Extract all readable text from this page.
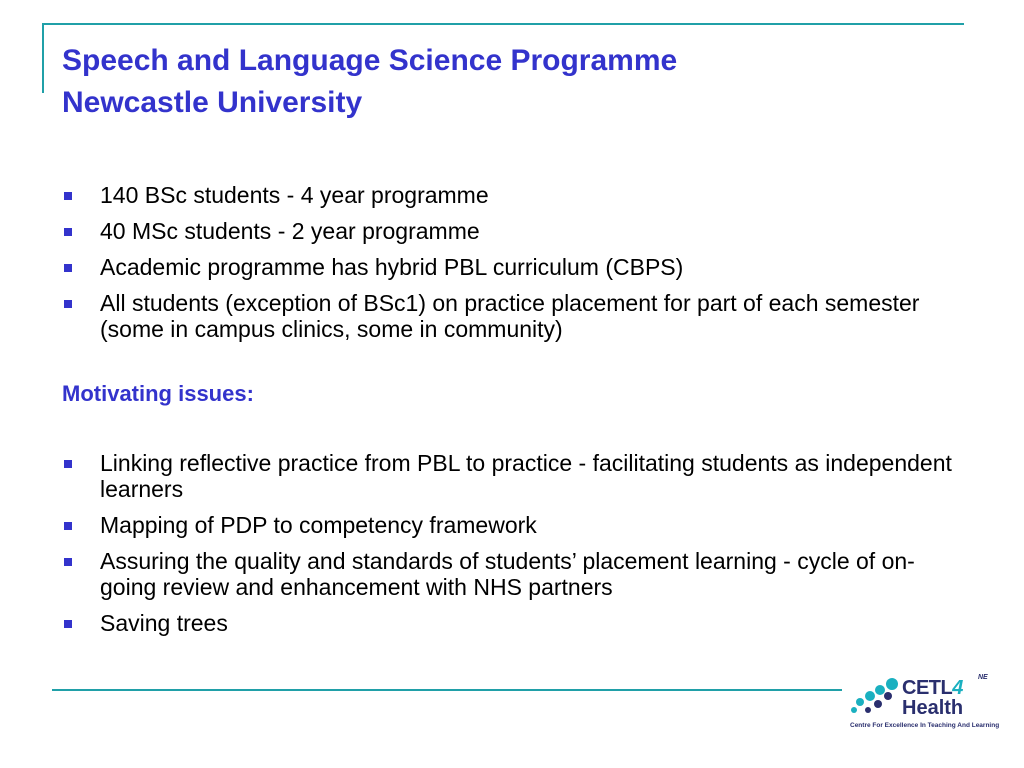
Speech and Language Science Programme
Newcastle University
140 BSc students - 4 year programme
40 MSc students - 2 year programme
Academic programme has hybrid PBL curriculum (CBPS)
All students (exception of BSc1) on practice placement for part of each semester (some in campus clinics, some in community)
Motivating issues:
Linking reflective practice from PBL to practice - facilitating students as independent learners
Mapping of PDP to competency framework
Assuring the quality and standards of students’ placement learning - cycle of on-going review and enhancement with NHS partners
Saving trees
CETL4 NE
Health
Centre For Excellence In Teaching And Learning
